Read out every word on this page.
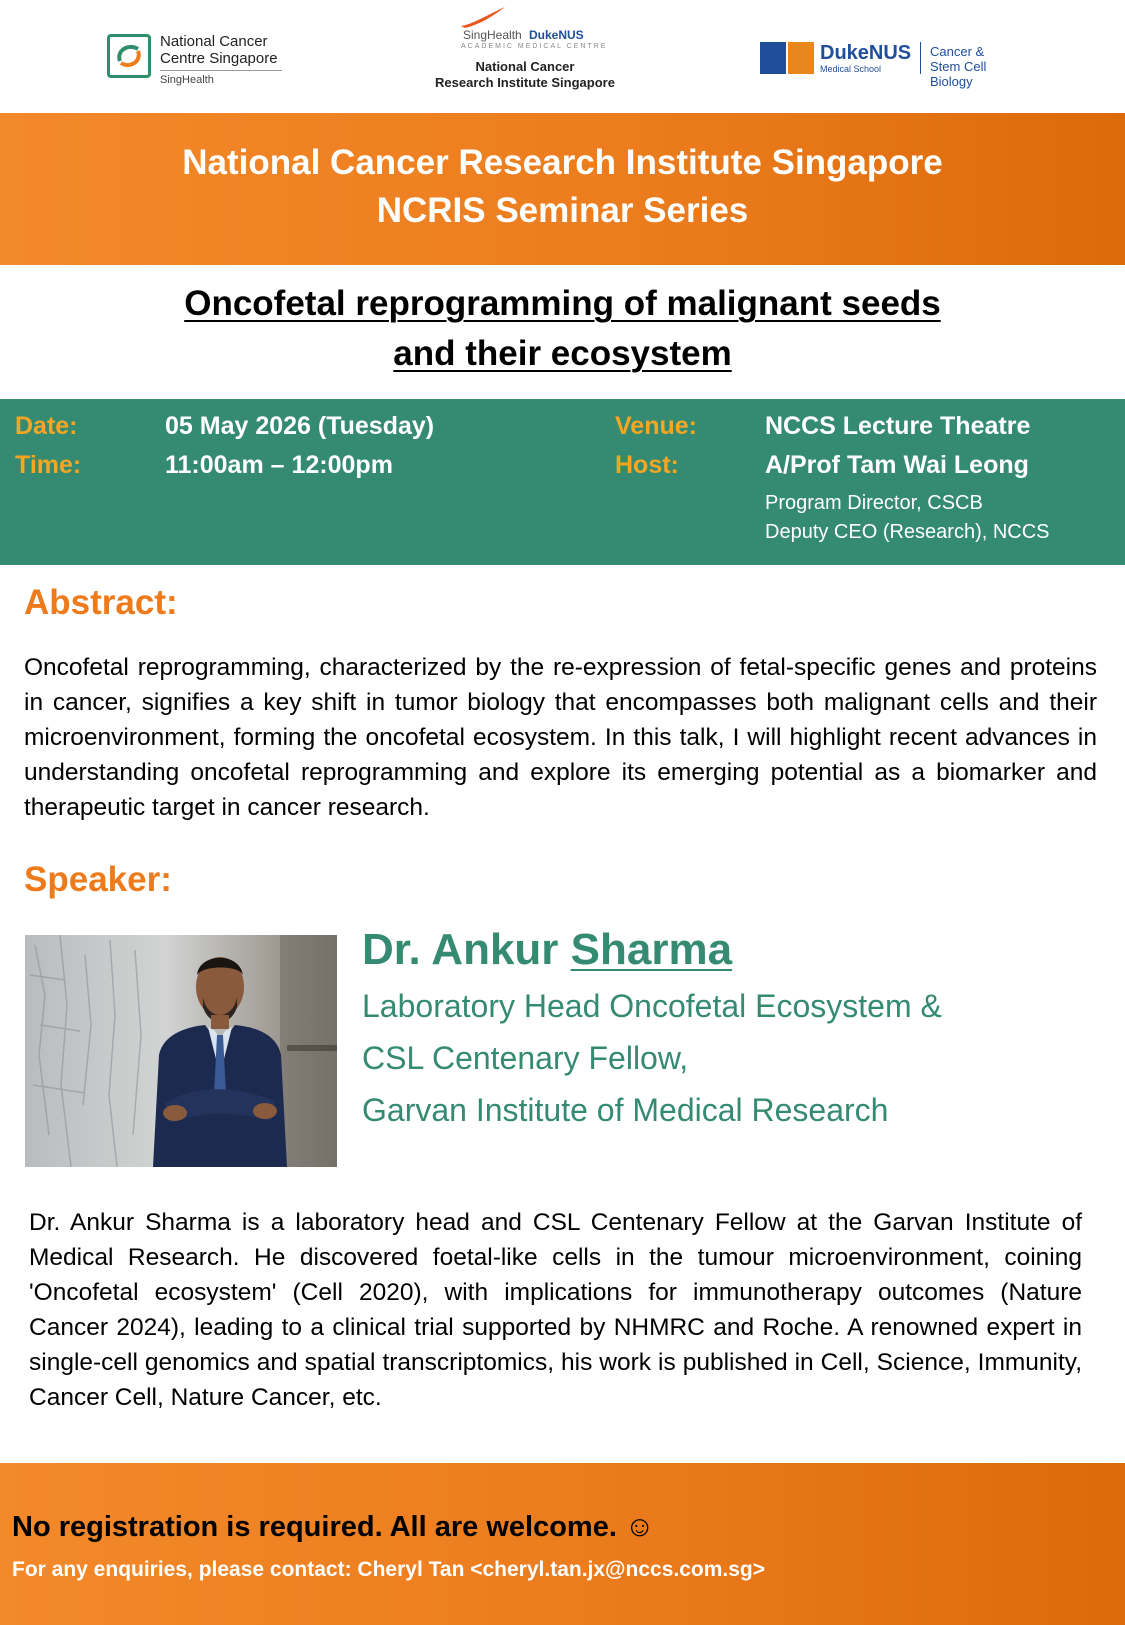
National Cancer
Centre Singapore
SingHealth
SingHealth DukeNUS
ACADEMIC MEDICAL CENTRE
National Cancer
Research Institute Singapore
DukeNUS
Medical School
Cancer &
Stem Cell Biology
National Cancer Research Institute Singapore
NCRIS Seminar Series
Oncofetal reprogramming of malignant seeds
and their ecosystem
Date:	05 May 2026 (Tuesday)
Time:	11:00am – 12:00pm
Venue:	NCCS Lecture Theatre
Host:	A/Prof Tam Wai Leong
Program Director, CSCB
Deputy CEO (Research), NCCS
Abstract:
Oncofetal reprogramming, characterized by the re-expression of fetal-specific genes and proteins in cancer, signifies a key shift in tumor biology that encompasses both malignant cells and their microenvironment, forming the oncofetal ecosystem. In this talk, I will highlight recent advances in understanding oncofetal reprogramming and explore its emerging potential as a biomarker and therapeutic target in cancer research.
Speaker:
Dr. Ankur Sharma
Laboratory Head Oncofetal Ecosystem &
CSL Centenary Fellow,
Garvan Institute of Medical Research
Dr. Ankur Sharma is a laboratory head and CSL Centenary Fellow at the Garvan Institute of Medical Research. He discovered foetal-like cells in the tumour microenvironment, coining 'Oncofetal ecosystem' (Cell 2020), with implications for immunotherapy outcomes (Nature Cancer 2024), leading to a clinical trial supported by NHMRC and Roche. A renowned expert in single-cell genomics and spatial transcriptomics, his work is published in Cell, Science, Immunity, Cancer Cell, Nature Cancer, etc.
No registration is required. All are welcome. ☺
For any enquiries, please contact: Cheryl Tan <cheryl.tan.jx@nccs.com.sg>
